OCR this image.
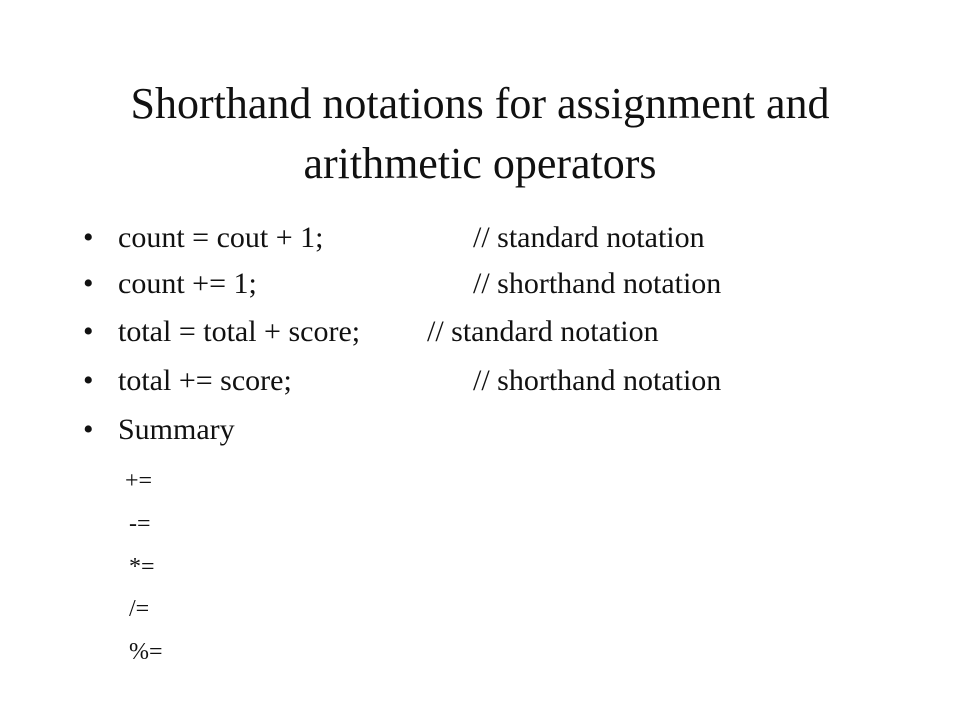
Shorthand notations for assignment and
arithmetic operators
• count = cout + 1;	// standard notation
• count += 1;	// shorthand notation
• total = total + score; // standard notation
• total += score;	// shorthand notation
• Summary
+=
-=
*=
/=
%=
